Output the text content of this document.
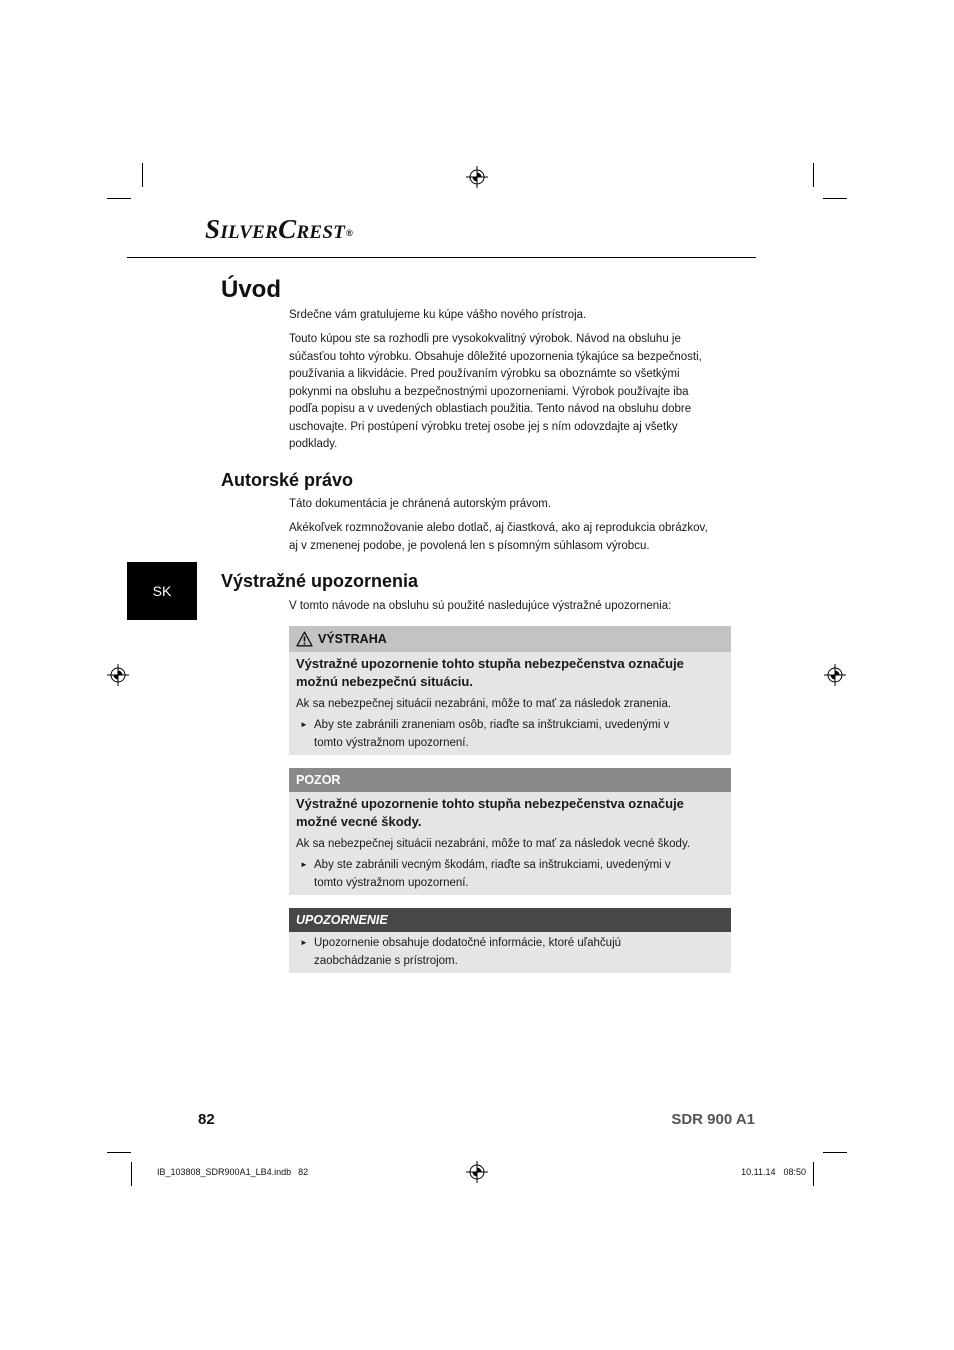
SilverCrest®
Úvod
Srdečne vám gratulujeme ku kúpe vášho nového prístroja.
Touto kúpou ste sa rozhodli pre vysokokvalitný výrobok. Návod na obsluhu je
súčasťou tohto výrobku. Obsahuje dôležité upozornenia týkajúce sa bezpečnosti,
používania a likvidácie. Pred používaním výrobku sa oboznámte so všetkými
pokynmi na obsluhu a bezpečnostnými upozorneniami. Výrobok používajte iba
podľa popisu a v uvedených oblastiach použitia. Tento návod na obsluhu dobre
uschovajte. Pri postúpení výrobku tretej osobe jej s ním odovzdajte aj všetky
podklady.
Autorské právo
Táto dokumentácia je chránená autorským právom.
Akékoľvek rozmnožovanie alebo dotlač, aj čiastková, ako aj reprodukcia obrázkov,
aj v zmenenej podobe, je povolená len s písomným súhlasom výrobcu.
SK	Výstražné upozornenia
V tomto návode na obsluhu sú použité nasledujúce výstražné upozornenia:
VÝSTRAHA
Výstražné upozornenie tohto stupňa nebezpečenstva označuje
možnú nebezpečnú situáciu.
Ak sa nebezpečnej situácii nezabráni, môže to mať za následok zranenia.
► Aby ste zabránili zraneniam osôb, riaďte sa inštrukciami, uvedenými v
tomto výstražnom upozornení.
POZOR
Výstražné upozornenie tohto stupňa nebezpečenstva označuje
možné vecné škody.
Ak sa nebezpečnej situácii nezabráni, môže to mať za následok vecné škody.
► Aby ste zabránili vecným škodám, riaďte sa inštrukciami, uvedenými v
tomto výstražnom upozornení.
UPOZORNENIE
► Upozornenie obsahuje dodatočné informácie, ktoré uľahčujú
zaobchádzanie s prístrojom.
82	SDR 900 A1
IB_103808_SDR900A1_LB4.indb 82	10.11.14 08:50
